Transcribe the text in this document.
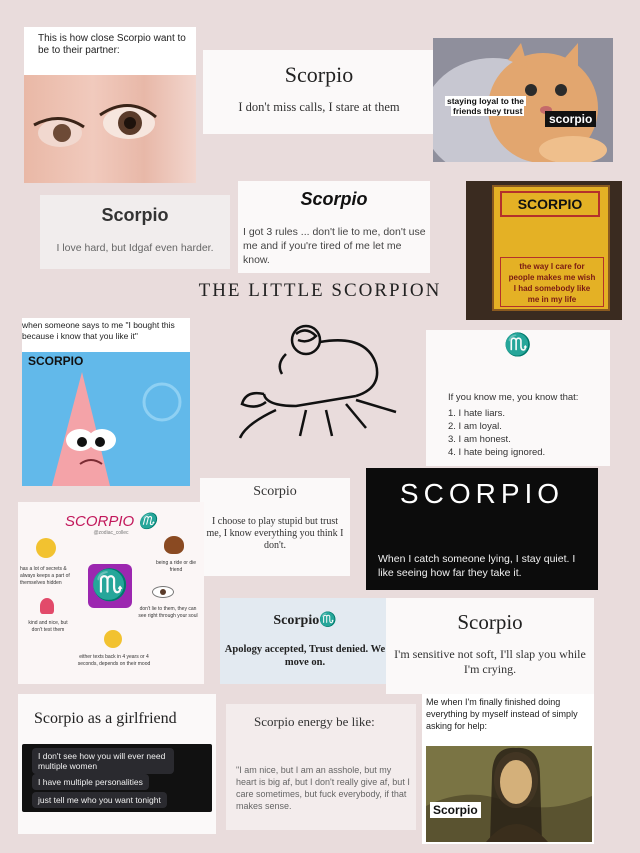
This is how close Scorpio want to be to their partner:
Scorpio
I don't miss calls, I stare at them	staying loyal to the
friends they trust
scorpio
Scorpio
I love hard, but Idgaf even harder.
Scorpio
I got 3 rules ... don't lie to me, don't use me and if you're tired of me let me know.
SCORPIO
the way I care for
people makes me wish
I had somebody like
me in my life
THE LITTLE SCORPION
when someone says to me "I bought this because i know that you like it"
SCORPIO
♏
If you know me, you know that:
1. I hate liars.
2. I am loyal.
3. I am honest.
4. I hate being ignored.
Scorpio
I choose to play stupid but trust me, I know everything you think I don't.
SCORPIO
When I catch someone lying, I stay quiet. I like seeing how far they take it.
SCORPIO ♏
@zodiac_collec
has a lot of secrets & always keeps a part of themselves hidden
being a ride or die friend
♏
don't lie to them, they can see right through your soul
kind and nice, but don't test them
either texts back in 4 years or 4 seconds, depends on their mood
Scorpio♏
Apology accepted, Trust denied. We move on.
Scorpio
I'm sensitive not soft, I'll slap you while I'm crying.
Scorpio as a girlfriend
I don't see how you will ever need multiple women
I have multiple personalities
just tell me who you want tonight
Scorpio energy be like:
"I am nice, but I am an asshole, but my heart is big af, but I don't really give af, but I care sometimes, but fuck everybody, if that makes sense.
Me when I'm finally finished doing everything by myself instead of simply asking for help:
Scorpio
